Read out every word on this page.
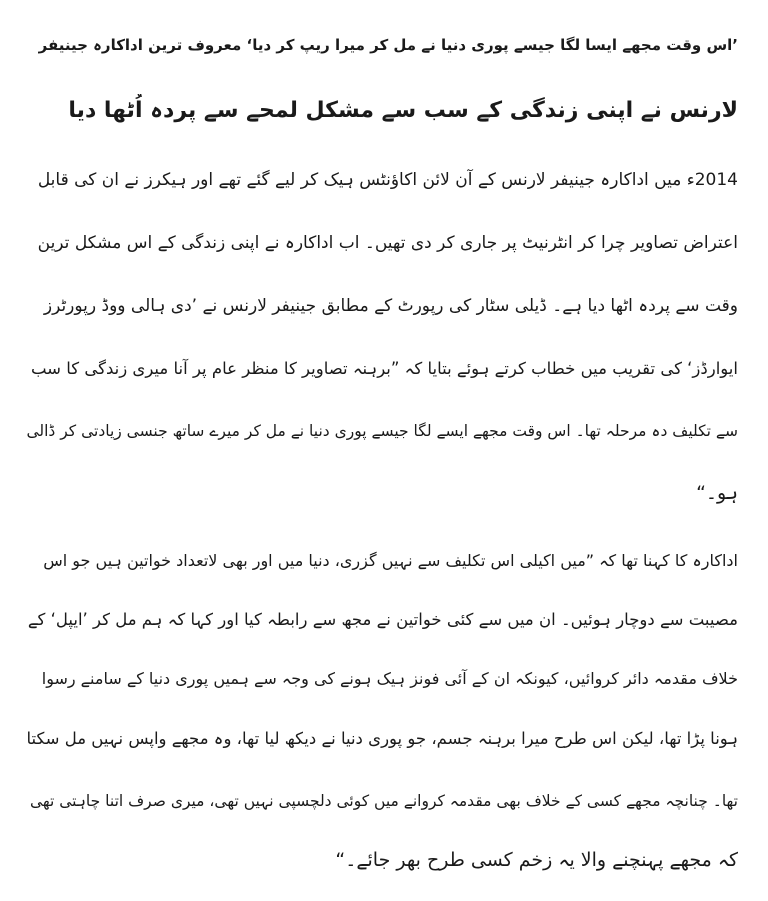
’اس وقت مجھے ایسا لگا جیسے پوری دنیا نے مل کر میرا ریپ کر دیا‘ معروف ترین اداکارہ جینیفر
لارنس نے اپنی زندگی کے سب سے مشکل لمحے سے پردہ اُٹھا دیا
2014ء میں اداکارہ جینیفر لارنس کے آن لائن اکاؤنٹس ہیک کر لیے گئے تھے اور ہیکرز نے ان کی قابل
اعتراض تصاویر چرا کر انٹرنیٹ پر جاری کر دی تھیں۔ اب اداکارہ نے اپنی زندگی کے اس مشکل ترین
وقت سے پردہ اٹھا دیا ہے۔ ڈیلی سٹار کی رپورٹ کے مطابق جینیفر لارنس نے ’دی ہالی ووڈ رپورٹرز
ایوارڈز‘ کی تقریب میں خطاب کرتے ہوئے بتایا کہ ”برہنہ تصاویر کا منظر عام پر آنا میری زندگی کا سب
سے تکلیف دہ مرحلہ تھا۔ اس وقت مجھے ایسے لگا جیسے پوری دنیا نے مل کر میرے ساتھ جنسی زیادتی کر ڈالی
ہو۔“
اداکارہ کا کہنا تھا کہ ”میں اکیلی اس تکلیف سے نہیں گزری، دنیا میں اور بھی لاتعداد خواتین ہیں جو اس
مصیبت سے دوچار ہوئیں۔ ان میں سے کئی خواتین نے مجھ سے رابطہ کیا اور کہا کہ ہم مل کر ’ایپل‘ کے
خلاف مقدمہ دائر کروائیں، کیونکہ ان کے آئی فونز ہیک ہونے کی وجہ سے ہمیں پوری دنیا کے سامنے رسوا
ہونا پڑا تھا، لیکن اس طرح میرا برہنہ جسم، جو پوری دنیا نے دیکھ لیا تھا، وہ مجھے واپس نہیں مل سکتا
تھا۔ چنانچہ مجھے کسی کے خلاف بھی مقدمہ کروانے میں کوئی دلچسپی نہیں تھی، میری صرف اتنا چاہتی تھی
کہ مجھے پہنچنے والا یہ زخم کسی طرح بھر جائے۔“
